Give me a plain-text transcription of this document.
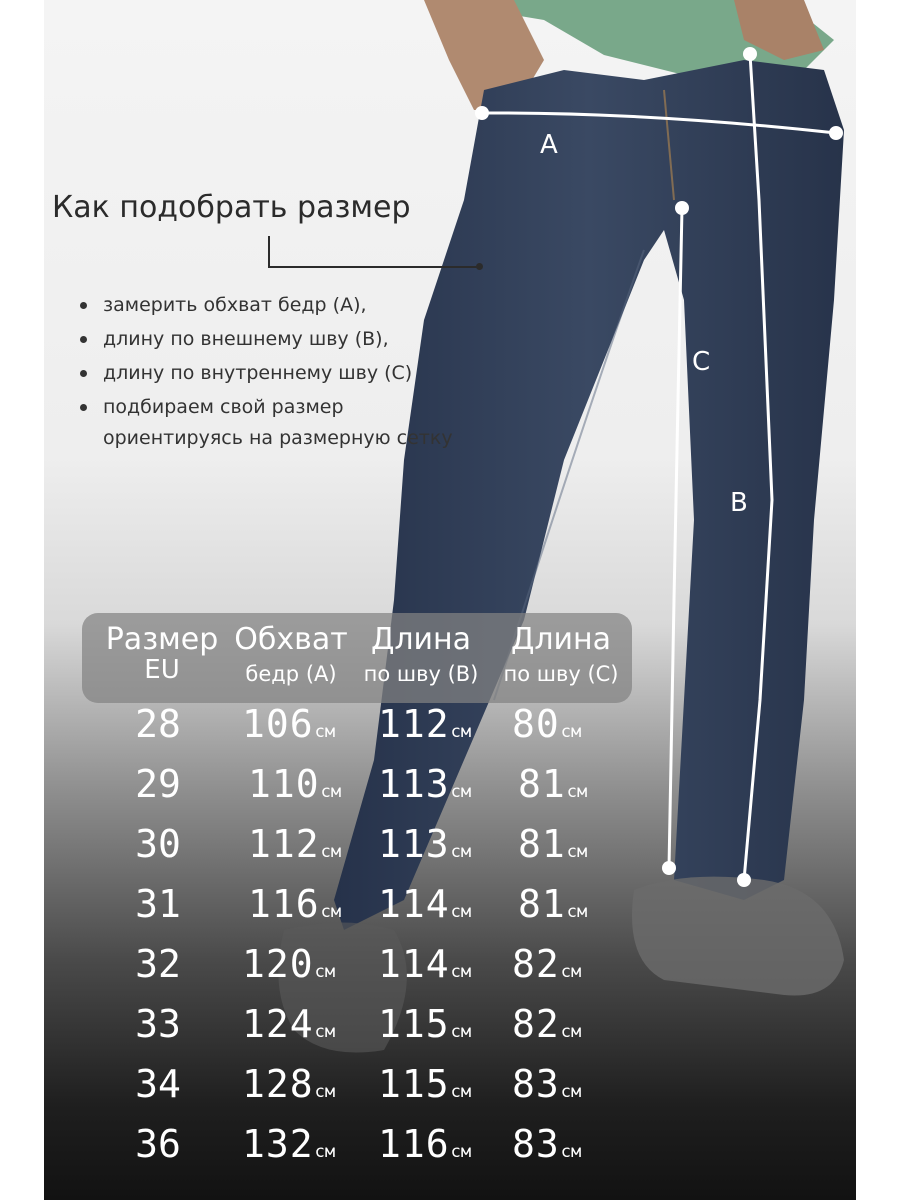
A
C
B
Как подобрать размер
замерить обхват бедр (А),
длину по внешнему шву (В),
длину по внутреннему шву (С)
подбираем свой размер
ориентируясь на размерную сетку
Размер
EU
Обхват
бедр (А)
Длина
по шву (В)
Длина
по шву (С)
28 106см 112см 80см
29 110см 113см 81см
30 112см 113см 81см
31 116см 114см 81см
32 120см 114см 82см
33 124см 115см 82см
34 128см 115см 83см
36 132см 116см 83см
